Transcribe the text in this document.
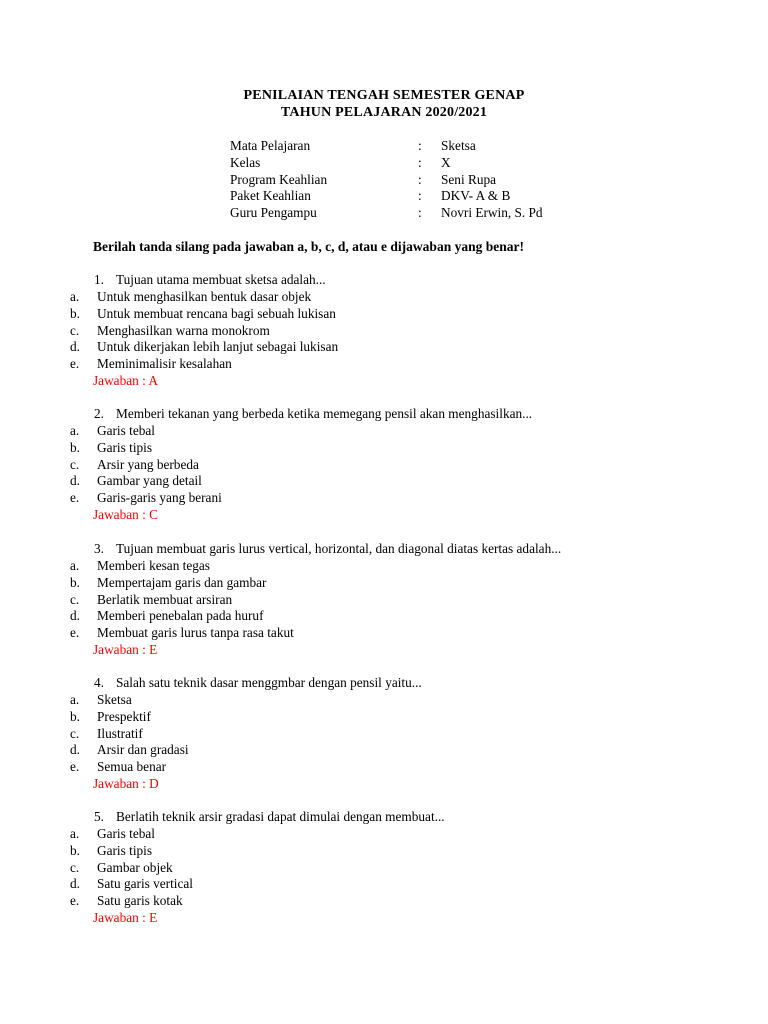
PENILAIAN TENGAH SEMESTER GENAP
TAHUN PELAJARAN 2020/2021
Mata Pelajaran	: Sketsa
Kelas	: X
Program Keahlian	: Seni Rupa
Paket Keahlian	: DKV- A & B
Guru Pengampu	: Novri Erwin, S. Pd
Berilah tanda silang pada jawaban a, b, c, d, atau e dijawaban yang benar!
1. Tujuan utama membuat sketsa adalah...
a. Untuk menghasilkan bentuk dasar objek
b. Untuk membuat rencana bagi sebuah lukisan
c. Menghasilkan warna monokrom
d. Untuk dikerjakan lebih lanjut sebagai lukisan
e. Meminimalisir kesalahan
Jawaban : A
2. Memberi tekanan yang berbeda ketika memegang pensil akan menghasilkan...
a. Garis tebal
b. Garis tipis
c. Arsir yang berbeda
d. Gambar yang detail
e. Garis-garis yang berani
Jawaban : C
3. Tujuan membuat garis lurus vertical, horizontal, dan diagonal diatas kertas adalah...
a. Memberi kesan tegas
b. Mempertajam garis dan gambar
c. Berlatik membuat arsiran
d. Memberi penebalan pada huruf
e. Membuat garis lurus tanpa rasa takut
Jawaban : E
4. Salah satu teknik dasar menggmbar dengan pensil yaitu...
a. Sketsa
b. Prespektif
c. Ilustratif
d. Arsir dan gradasi
e. Semua benar
Jawaban : D
5. Berlatih teknik arsir gradasi dapat dimulai dengan membuat...
a. Garis tebal
b. Garis tipis
c. Gambar objek
d. Satu garis vertical
e. Satu garis kotak
Jawaban : E
